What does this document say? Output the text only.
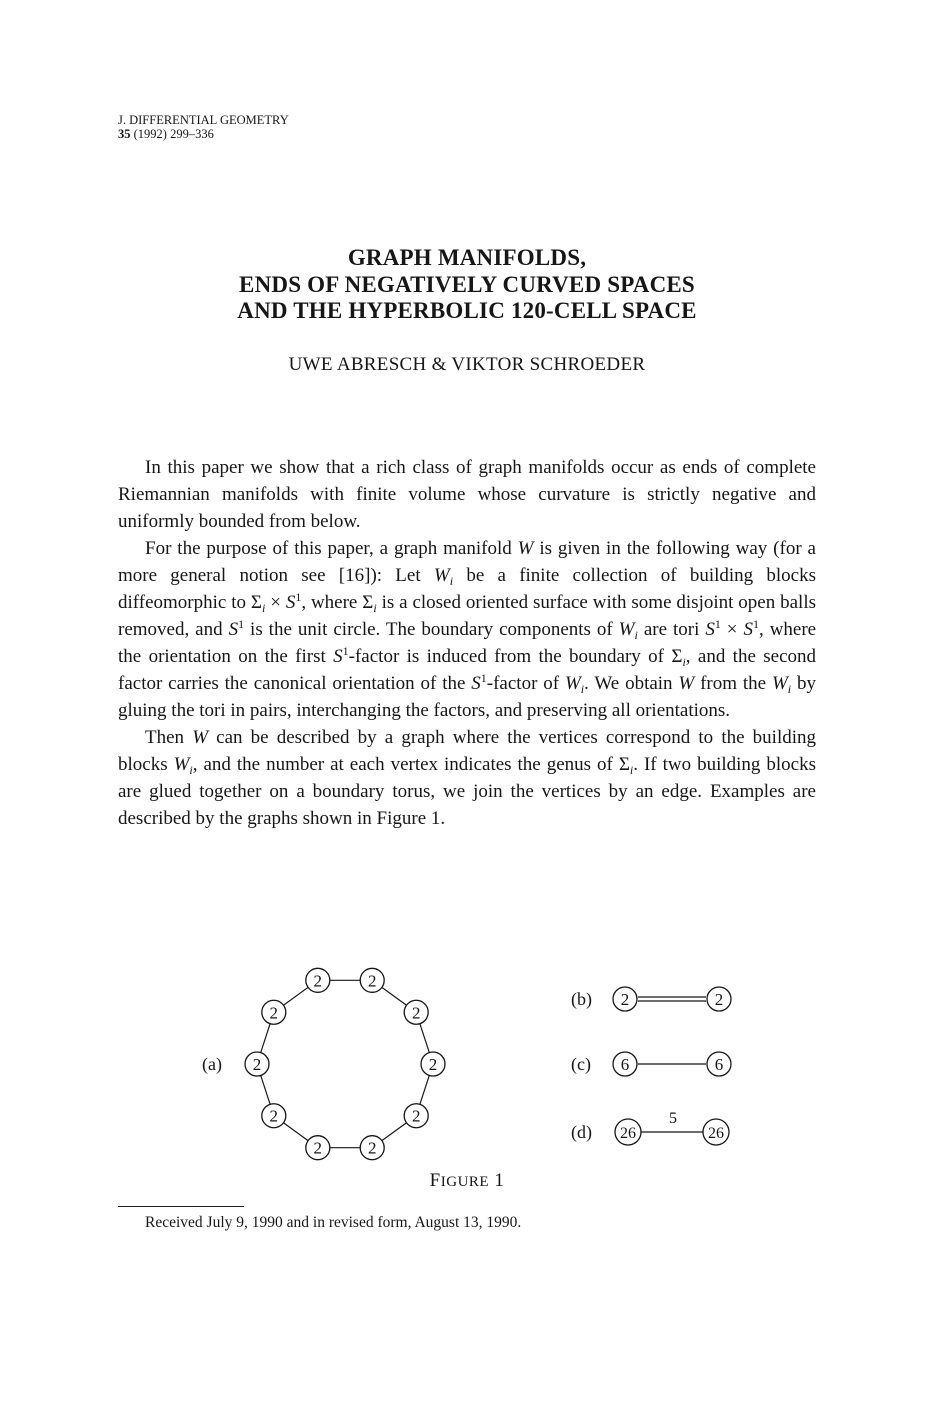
J. DIFFERENTIAL GEOMETRY
35 (1992) 299–336
GRAPH MANIFOLDS,
ENDS OF NEGATIVELY CURVED SPACES
AND THE HYPERBOLIC 120-CELL SPACE
UWE ABRESCH & VIKTOR SCHROEDER

In this paper we show that a rich class of graph manifolds occur as ends of complete Riemannian manifolds with finite volume whose curvature is strictly negative and uniformly bounded from below.

For the purpose of this paper, a graph manifold W is given in the following way (for a more general notion see [16]): Let $W_i$ be a finite collection of building blocks diffeomorphic to $\Sigma_i \times S^1$, where $\Sigma_i$ is a closed oriented surface with some disjoint open balls removed, and $S^1$ is the unit circle. The boundary components of $W_i$ are tori $S^1 \times S^1$, where the orientation on the first $S^1$-factor is induced from the boundary of $\Sigma_i$, and the second factor carries the canonical orientation of the $S^1$-factor of $W_i$. We obtain W from the $W_i$ by gluing the tori in pairs, interchanging the factors, and preserving all orientations.

Then W can be described by a graph where the vertices correspond to the building blocks $W_i$, and the number at each vertex indicates the genus of $\Sigma_i$. If two building blocks are glued together on a boundary torus, we join the vertices by an edge. Examples are described by the graphs shown in Figure 1.

(a)
2	2
2
2
2
2
2
2
2
2
(b) 2	2
(c) 6	6
(d)
5
26	26
FIGURE 1
Received July 9, 1990 and in revised form, August 13, 1990.
